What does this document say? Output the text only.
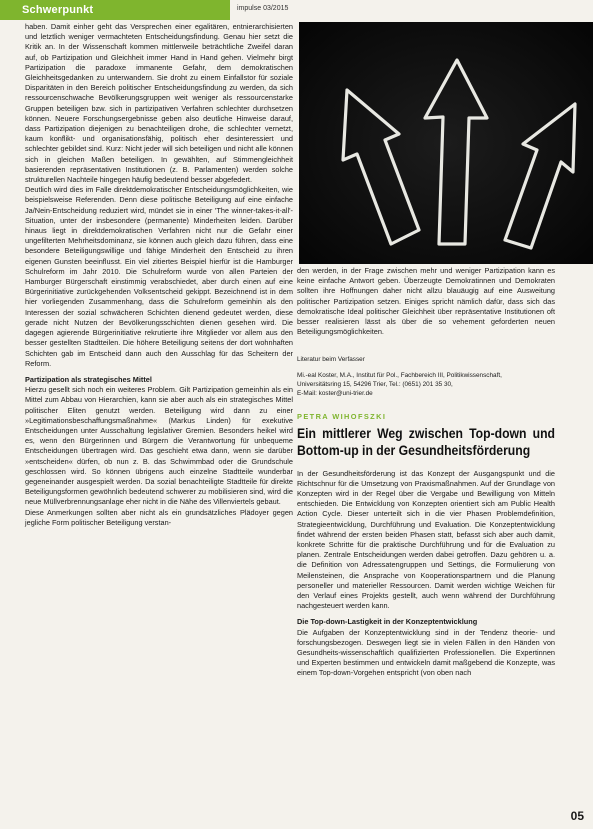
Schwerpunkt	impulse 03/2015

haben. Damit einher geht das Versprechen einer egalitären, entnierarchisierten und letztlich weniger vermachteten Entscheidungsfindung. Genau hier setzt die Kritik an. In der Wissenschaft kommen mittlerweile beträchtliche Zweifel daran auf, ob Partizipation und Gleichheit immer Hand in Hand gehen. Vielmehr birgt Partizipation die paradoxe immanente Gefahr, dem demokratischen Gleichheitsgedanken zu unterwandern. Sie droht zu einem Einfallstor für soziale Disparitäten in den Bereich politischer Entscheidungsfindung zu werden, da sich ressourcenschwache Bevölkerungsgruppen weit weniger als ressourcenstarke Gruppen beteiligen bzw. sich in partizipativen Verfahren schlechter durchsetzen können. Neuere Forschungsergebnisse geben also deutliche Hinweise darauf, dass Partizipation diejenigen zu benachteiligen drohe, die schlechter vernetzt, kaum konflikt- und organisationsfähig, politisch eher desinteressiert und schlechter gebildet sind. Kurz: Nicht jeder will sich beteiligen und nicht alle können sich in gleichen Maßen beteiligen. In gewählten, auf Stimmengleichheit basierenden repräsentativen Institutionen (z. B. Parlamenten) werden solche strukturellen Nachteile hingegen häufig bedeutend besser abgefedert.

Deutlich wird dies im Falle direktdemokratischer Entscheidungsmöglichkeiten, wie beispielsweise Referenden. Denn diese politische Beteiligung auf eine einfache Ja/Nein-Entscheidung reduziert wird, mündet sie in einer 'The winner-takes-it-all'-Situation, unter der insbesondere (permanente) Minderheiten leiden. Darüber hinaus liegt in direktdemokratischen Verfahren nicht nur die Gefahr einer ungefilterten Mehrheitsdominanz, sie können auch gleich dazu führen, dass eine besondere Beteiligungswillige und fähige Minderheit den Entscheid zu ihren eigenen Gunsten beeinflusst. Ein viel zitiertes Beispiel hierfür ist die Hamburger Schulreform im Jahr 2010. Die Schulreform wurde von allen Parteien der Hamburger Bürgerschaft einstimmig verabschiedet, aber durch einen auf eine Bürgerinitiative zurückgehenden Volksentscheid gekippt. Bezeichnend ist in dem hier vorliegenden Zusammenhang, dass die Schulreform gemeinhin als den Interessen der sozial schwächeren Schichten dienend gedeutet werden, diese gerade nicht Nutzen der Bevölkerungsschichten dienen gesehen wird. Die dagegen agierende Bürgerinitiative rekrutierte ihre Mitglieder vor allem aus den besser gestellten Stadtteilen. Die höhere Beteiligung seitens der dort wohnhaften Schichten gab im Entscheid dann auch den Ausschlag für das Scheitern der Reform.

Partizipation als strategisches Mittel

Hierzu gesellt sich noch ein weiteres Problem. Gilt Partizipation gemeinhin als ein Mittel zum Abbau von Hierarchien, kann sie aber auch als ein strategisches Mittel politischer Eliten genutzt werden. Beteiligung wird dann zu einer »Legitimationsbeschaffungsmaßnahme« (Markus Linden) für exekutive Entscheidungen unter Ausschaltung legislativer Gremien. Besonders heikel wird es, wenn den Bürgerinnen und Bürgern die Verantwortung für unbequeme Entscheidungen übertragen wird. Das geschieht etwa dann, wenn sie darüber »entscheiden« dürfen, ob nun z. B. das Schwimmbad oder die Grundschule geschlossen wird. So können übrigens auch einzelne Stadtteile wunderbar gegeneinander ausgespielt werden. Da sozial benachteiligte Stadtteile für direkte Beteiligungsformen gewöhnlich bedeutend schwerer zu mobilisieren sind, wird die neue Müllverbrennungsanlage eher nicht in die Nähe des Villenviertels gebaut.

Diese Anmerkungen sollten aber nicht als ein grundsätzliches Plädoyer gegen jegliche Form politischer Beteiligung verstan-

den werden, in der Frage zwischen mehr und weniger Partizipation kann es keine einfache Antwort geben. Überzeugte Demokratinnen und Demokraten sollten ihre Hoffnungen daher nicht allzu blauäugig auf eine Ausweitung politischer Partizipation setzen. Einiges spricht nämlich dafür, dass sich das demokratische Ideal politischer Gleichheit über repräsentative Institutionen oft besser realisieren lässt als über die so vehement geforderten neuen Beteiligungsmöglichkeiten.

Literatur beim Verfasser
Mi.-eal Koster, M.A., Institut für Pol., Fachbereich III, Politikwissenschaft,
Universitätsring 15, 54296 Trier, Tel.: (0651) 201 35 30,
E-Mail: koster@uni-trier.de

PETRA WIHOFSZKI
Ein mittlerer Weg zwischen Top-down und Bottom-up in der Gesundheitsförderung

In der Gesundheitsförderung ist das Konzept der Ausgangspunkt und die Richtschnur für die Umsetzung von Praxismaßnahmen. Auf der Grundlage von Konzepten wird in der Regel über die Vergabe und Bewilligung von Mitteln entschieden. Die Entwicklung von Konzepten orientiert sich am Public Health Action Cycle. Dieser unterteilt sich in die vier Phasen Problemdefinition, Strategieentwicklung, Durchführung und Evaluation. Die Konzeptentwicklung findet während der ersten beiden Phasen statt, befasst sich aber auch damit, konkrete Schritte für die praktische Durchführung und für die Evaluation zu planen. Zentrale Entscheidungen werden dabei getroffen. Dazu gehören u. a. die Definition von Adressatengruppen und Settings, die Formulierung von Meilensteinen, die Ansprache von Kooperationspartnern und die Planung personeller und materieller Ressourcen. Damit werden wichtige Weichen für den Verlauf eines Projekts gestellt, auch wenn während der Durchführung nachgesteuert werden kann.

Die Top-down-Lastigkeit in der Konzeptentwicklung

Die Aufgaben der Konzeptentwicklung sind in der Tendenz theorie- und forschungsbezogen. Deswegen liegt sie in vielen Fällen in den Händen von Gesundheits-wissenschaftlich qualifizierten Professionellen. Die Expertinnen und Experten bestimmen und entwickeln damit maßgebend die Konzepte, was einem Top-down-Vorgehen entspricht (von oben nach

05
